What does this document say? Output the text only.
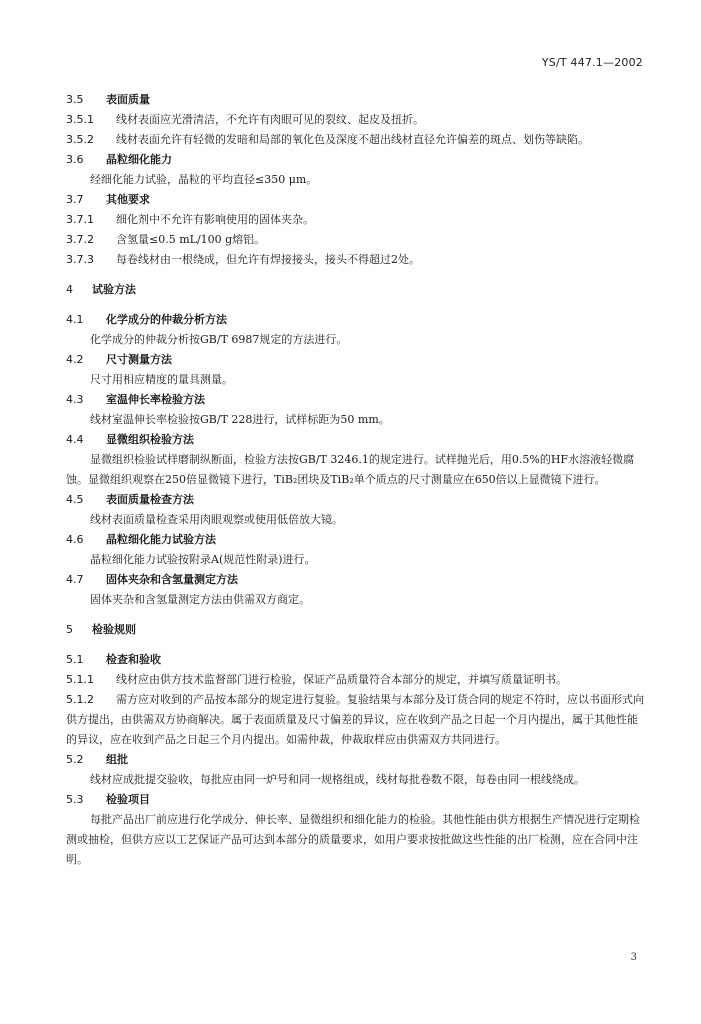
YS/T 447.1—2002
3.5	表面质量
3.5.1	线材表面应光滑清洁，不允许有肉眼可见的裂纹、起皮及扭折。
3.5.2 线材表面允许有轻微的发暗和局部的氧化色及深度不超出线材直径允许偏差的斑点、划伤等缺陷。
3.6	晶粒细化能力
经细化能力试验，晶粒的平均直径≤350 μm。
3.7	其他要求
3.7.1	细化剂中不允许有影响使用的固体夹杂。
3.7.2	含氢量≤0.5 mL/100 g熔铝。
3.7.3	每卷线材由一根绕成，但允许有焊接接头，接头不得超过2处。
4	试验方法
4.1	化学成分的仲裁分析方法
化学成分的仲裁分析按GB/T 6987规定的方法进行。
4.2	尺寸测量方法
尺寸用相应精度的量具测量。
4.3	室温伸长率检验方法
线材室温伸长率检验按GB/T 228进行，试样标距为50 mm。
4.4	显微组织检验方法
显微组织检验试样磨制纵断面，检验方法按GB/T 3246.1的规定进行。试样抛光后，用0.5%的HF水溶液轻微腐蚀。显微组织观察在250倍显微镜下进行，TiB₂团块及TiB₂单个质点的尺寸测量应在650倍以上显微镜下进行。
4.5	表面质量检查方法
线材表面质量检查采用肉眼观察或使用低倍放大镜。
4.6	晶粒细化能力试验方法
晶粒细化能力试验按附录A(规范性附录)进行。
4.7	固体夹杂和含氢量测定方法
固体夹杂和含氢量测定方法由供需双方商定。
5	检验规则
5.1	检查和验收
5.1.1	线材应由供方技术监督部门进行检验，保证产品质量符合本部分的规定，并填写质量证明书。
5.1.2 需方应对收到的产品按本部分的规定进行复验。复验结果与本部分及订货合同的规定不符时，应以书面形式向供方提出，由供需双方协商解决。属于表面质量及尺寸偏差的异议，应在收到产品之日起一个月内提出，属于其他性能的异议，应在收到产品之日起三个月内提出。如需仲裁，仲裁取样应由供需双方共同进行。
5.2	组批
线材应成批提交验收，每批应由同一炉号和同一规格组成，线材每批卷数不限，每卷由同一根线绕成。
5.3	检验项目
每批产品出厂前应进行化学成分、伸长率、显微组织和细化能力的检验。其他性能由供方根据生产情况进行定期检测或抽检，但供方应以工艺保证产品可达到本部分的质量要求，如用户要求按批做这些性能的出厂检测，应在合同中注明。
3
